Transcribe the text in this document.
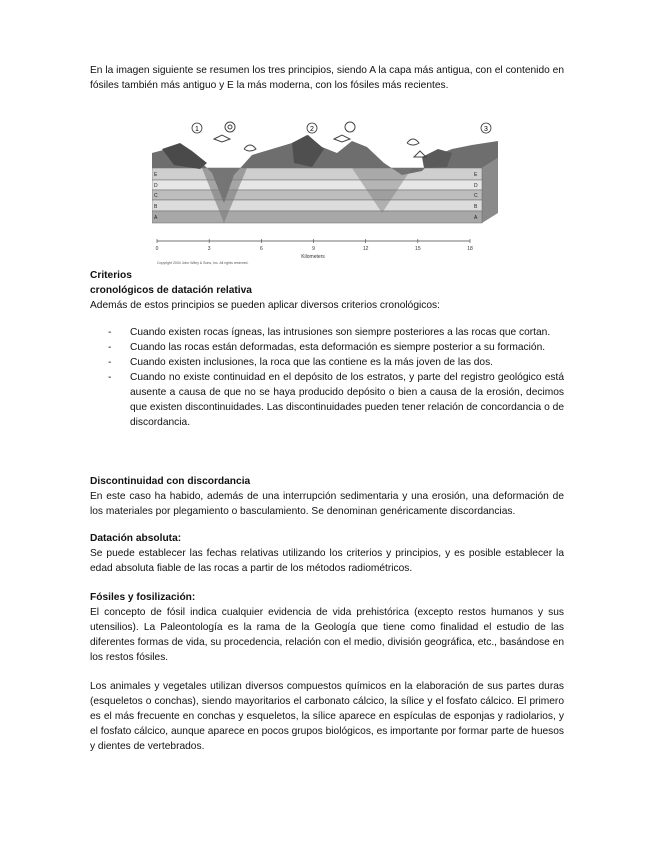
En la imagen siguiente se resumen los tres principios, siendo A la capa más antigua, con el contenido en fósiles también más antiguo y E la más moderna, con los fósiles más recientes.

1	2	3
E
D
C
B
A
E
D
C
B
A
0	3	6	9	12	15	18
Kilometers
Copyright 2004 John Wiley & Sons, Inc. All rights reserved.
Criterios
cronológicos de datación relativa

Además de estos principios se pueden aplicar diversos criterios cronológicos:

- Cuando existen rocas ígneas, las intrusiones son siempre posteriores a las rocas que cortan.
- Cuando las rocas están deformadas, esta deformación es siempre posterior a su formación.
- Cuando existen inclusiones, la roca que las contiene es la más joven de las dos.
- Cuando no existe continuidad en el depósito de los estratos, y parte del registro geológico está ausente a causa de que no se haya producido depósito o bien a causa de la erosión, decimos que existen discontinuidades. Las discontinuidades pueden tener relación de concordancia o de discordancia.
Discontinuidad con discordancia

En este caso ha habido, además de una interrupción sedimentaria y una erosión, una deformación de los materiales por plegamiento o basculamiento. Se denominan genéricamente discordancias.

Datación absoluta:

Se puede establecer las fechas relativas utilizando los criterios y principios, y es posible establecer la edad absoluta fiable de las rocas a partir de los métodos radiométricos.

Fósiles y fosilización:

El concepto de fósil indica cualquier evidencia de vida prehistórica (excepto restos humanos y sus utensilios). La Paleontología es la rama de la Geología que tiene como finalidad el estudio de las diferentes formas de vida, su procedencia, relación con el medio, división geográfica, etc., basándose en los restos fósiles.

Los animales y vegetales utilizan diversos compuestos químicos en la elaboración de sus partes duras (esqueletos o conchas), siendo mayoritarios el carbonato cálcico, la sílice y el fosfato cálcico. El primero es el más frecuente en conchas y esqueletos, la sílice aparece en espículas de esponjas y radiolarios, y el fosfato cálcico, aunque aparece en pocos grupos biológicos, es importante por formar parte de huesos y dientes de vertebrados.
